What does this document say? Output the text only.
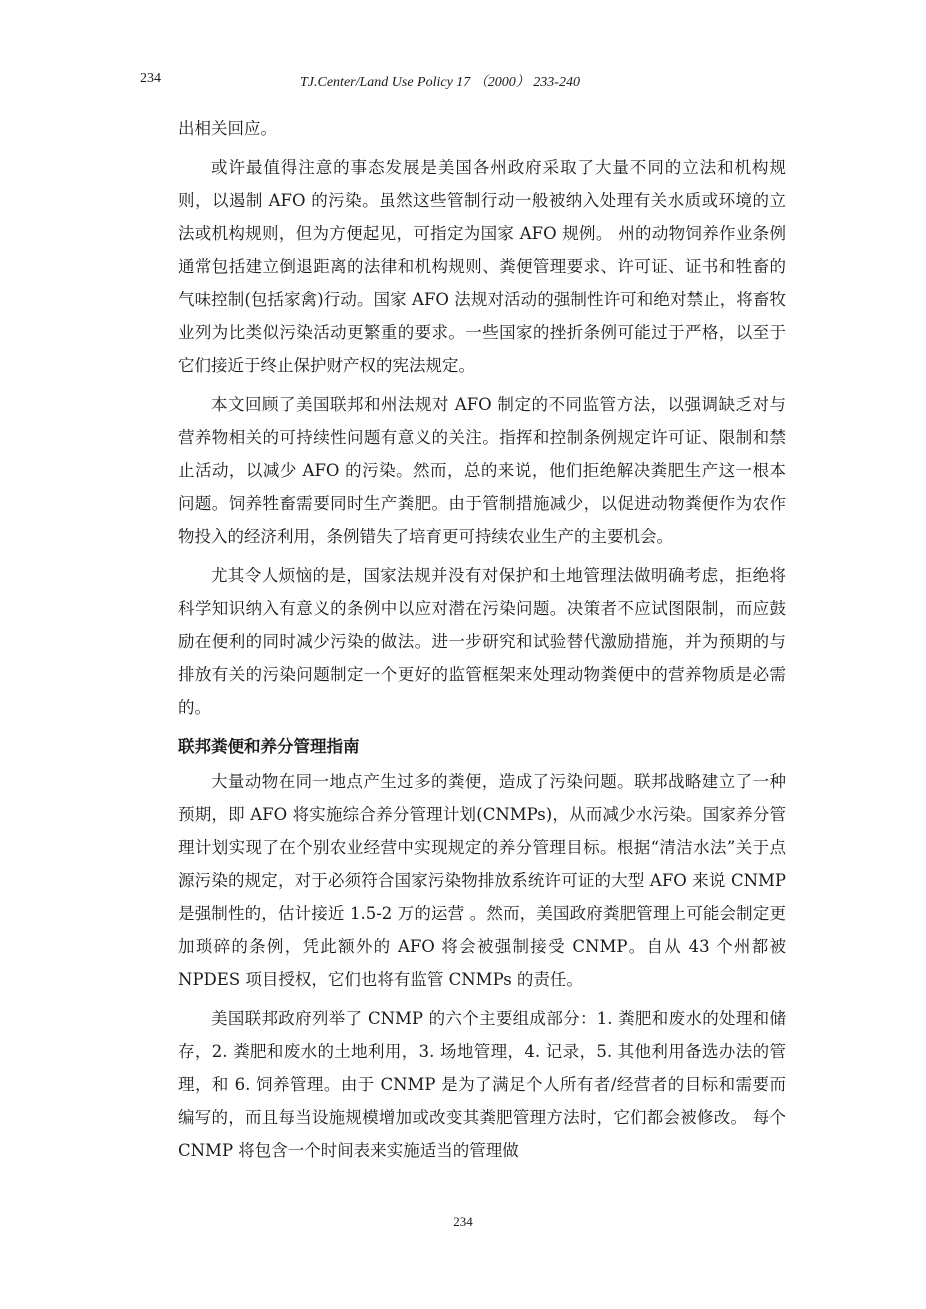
234	TJ.Center/Land Use Policy 17 （2000） 233-240

出相关回应。

或许最值得注意的事态发展是美国各州政府采取了大量不同的立法和机构规则，以遏制 AFO 的污染。虽然这些管制行动一般被纳入处理有关水质或环境的立法或机构规则，但为方便起见，可指定为国家 AFO 规例。 州的动物饲养作业条例通常包括建立倒退距离的法律和机构规则、粪便管理要求、许可证、证书和牲畜的气味控制(包括家禽)行动。国家 AFO 法规对活动的强制性许可和绝对禁止，将畜牧业列为比类似污染活动更繁重的要求。一些国家的挫折条例可能过于严格，以至于它们接近于终止保护财产权的宪法规定。

本文回顾了美国联邦和州法规对 AFO 制定的不同监管方法，以强调缺乏对与营养物相关的可持续性问题有意义的关注。指挥和控制条例规定许可证、限制和禁止活动，以减少 AFO 的污染。然而，总的来说，他们拒绝解决粪肥生产这一根本问题。饲养牲畜需要同时生产粪肥。由于管制措施减少，以促进动物粪便作为农作物投入的经济利用，条例错失了培育更可持续农业生产的主要机会。

尤其令人烦恼的是，国家法规并没有对保护和土地管理法做明确考虑，拒绝将科学知识纳入有意义的条例中以应对潜在污染问题。决策者不应试图限制，而应鼓励在便利的同时减少污染的做法。进一步研究和试验替代激励措施，并为预期的与排放有关的污染问题制定一个更好的监管框架来处理动物粪便中的营养物质是必需的。

联邦粪便和养分管理指南

大量动物在同一地点产生过多的粪便，造成了污染问题。联邦战略建立了一种预期，即 AFO 将实施综合养分管理计划(CNMPs)，从而减少水污染。国家养分管理计划实现了在个别农业经营中实现规定的养分管理目标。根据“清洁水法”关于点源污染的规定，对于必须符合国家污染物排放系统许可证的大型 AFO 来说 CNMP 是强制性的，估计接近 1.5-2 万的运营 。然而，美国政府粪肥管理上可能会制定更加琐碎的条例，凭此额外的 AFO 将会被强制接受 CNMP。自从 43 个州都被 NPDES 项目授权，它们也将有监管 CNMPs 的责任。

美国联邦政府列举了 CNMP 的六个主要组成部分：1. 粪肥和废水的处理和储存，2. 粪肥和废水的土地利用，3. 场地管理，4. 记录，5. 其他利用备选办法的管理，和 6. 饲养管理。由于 CNMP 是为了满足个人所有者/经营者的目标和需要而编写的，而且每当设施规模增加或改变其粪肥管理方法时，它们都会被修改。 每个 CNMP 将包含一个时间表来实施适当的管理做

234
